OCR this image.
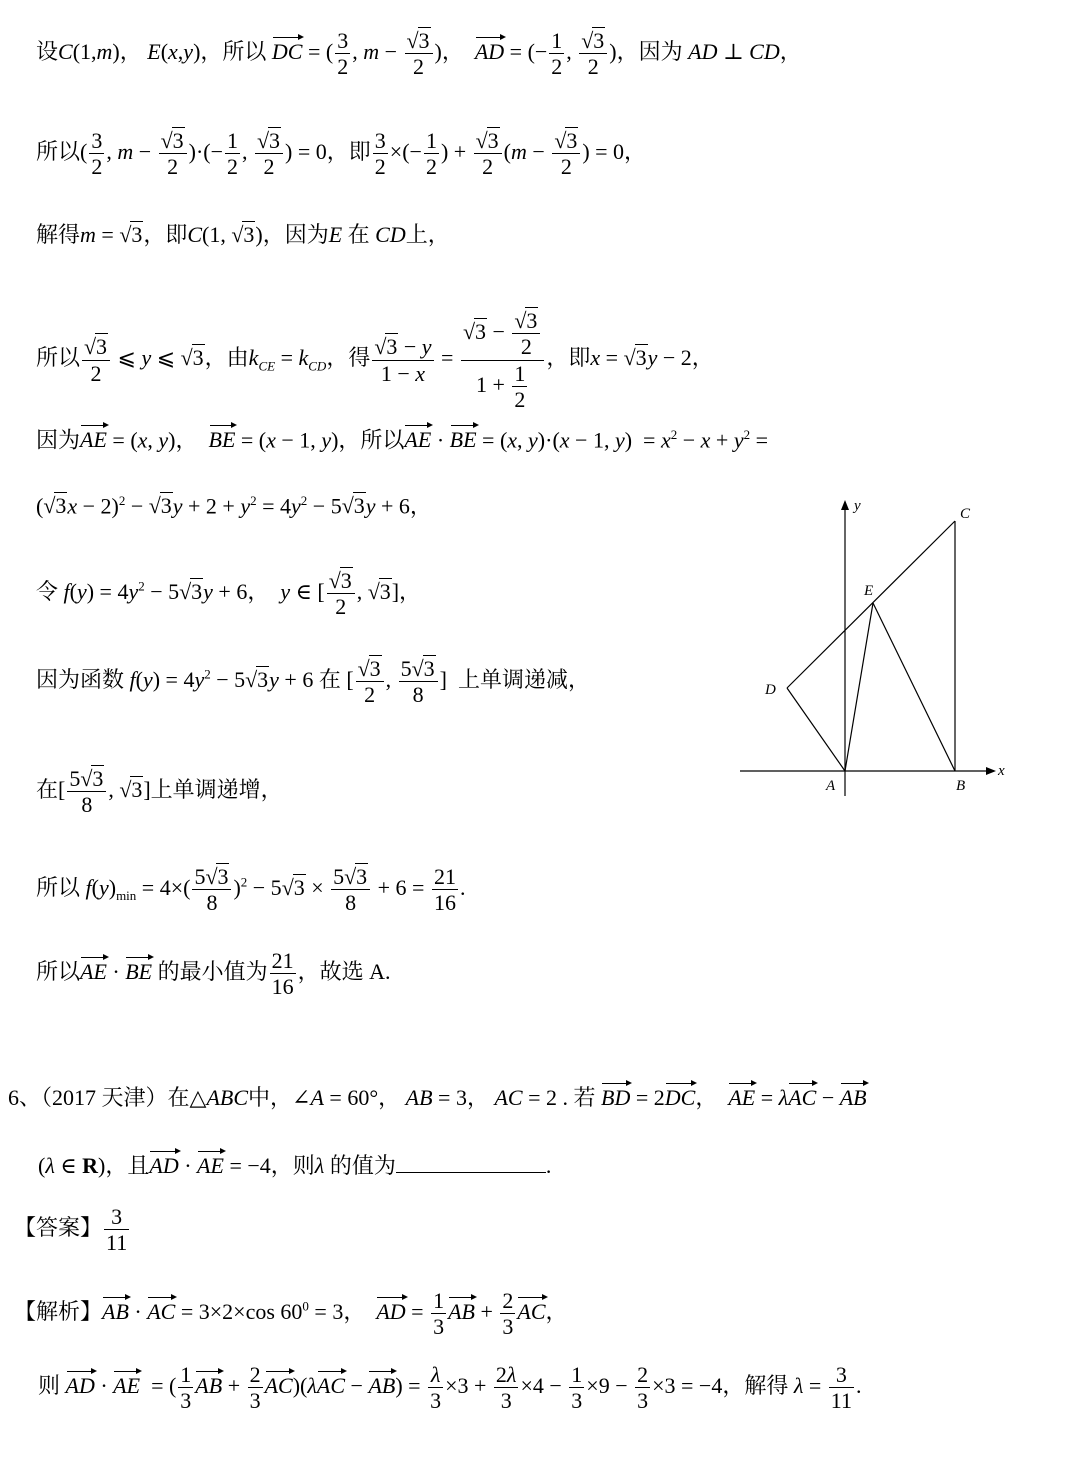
设C(1,m)， E(x,y)，所以 DC = ( $\frac{3}{2}$ , m −
√ $\frac{3}{2}$ )，  AD = (− $\frac{1}{2}$ ,
√ $\frac{3}{2}$ )，因为 AD ⊥ CD，
所以( $\frac{3}{2}$ , m −
√ $\frac{3}{2}$ )·(− $\frac{1}{2}$ ,
√ $\frac{3}{2}$ ) = 0，即 $\frac{3}{2}$ ×(− $\frac{1}{2}$ ) +
√ $\frac{3}{2} (m$ −
√ $\frac{3}{2}$ ) = 0，
解得m = √ 3，即C(1, √ 3)，因为E 在 CD上，
所以
√ $\frac{3}{2}$ ⩽ y ⩽ √ 3，由$k_{CE} = k_{CD}$，得
√ $\frac{3 - y}{1 - x}$ =
√ 3 −
√ $\frac{3}{2}$
$1 + \frac{1}{2}$ ，即x = √ 3y − 2，
因为AE = (x, y)，  BE = (x − 1, y)，所以AE · BE = (x, y)·(x − 1, $y) = x^2 - x + y^2$ =
(√ 3x − 2)$^2$ − √ $3y + 2 + y^2 = 4y^2 - 5√$ 3y + 6，
令 $f(y) = 4y^2 - 5√$ 3y + 6，  y ∈ [
√ $\frac{3}{2}$ , √ 3]，
因为函数 $f(y) = 4y^2 - 5√$ 3y + 6 在 [
√ $\frac{3}{2}$ , $\frac{5√ 3}{8}$ ]  上单调递减，
在[ $\frac{5√ 3}{8}$ , √ 3]上单调递增，
所以 $f(y)_{min} = 4\times( \frac{5√ 3}{8} )^2 - 5√$ $3 \times \frac{5√ 3}{8} + 6 = \frac{21}{16}$ .
所以AE · BE 的最小值为 $\frac{21}{16}$ ，故选 A.
6、（2017 天津）在△ABC中，∠A = 60°， AB = 3， AC = 2 . 若 BD = 2DC，  AE = λAC − AB
(λ ∈ R)，且AD · AE = −4，则λ 的值为	.
【答案】 $\frac{3}{11}$
【解析】AB · AC = 3×2×cos $60^0 = 3$，  AD = $\frac{1}{3}$ AB + $\frac{2}{3}$ AC，
则 AD · AE  = ( $\frac{1}{3}$ AB + $\frac{2}{3} AC)(\lambda AC - AB) = \frac{\lambda}{3} \times 3 + \frac{2\lambda}{3} \times 4 - \frac{1}{3} \times 9 - \frac{2}{3} \times 3 = -4$，解得 $\lambda = \frac{3}{11}$ .
y
x
C
E
D
A	B
